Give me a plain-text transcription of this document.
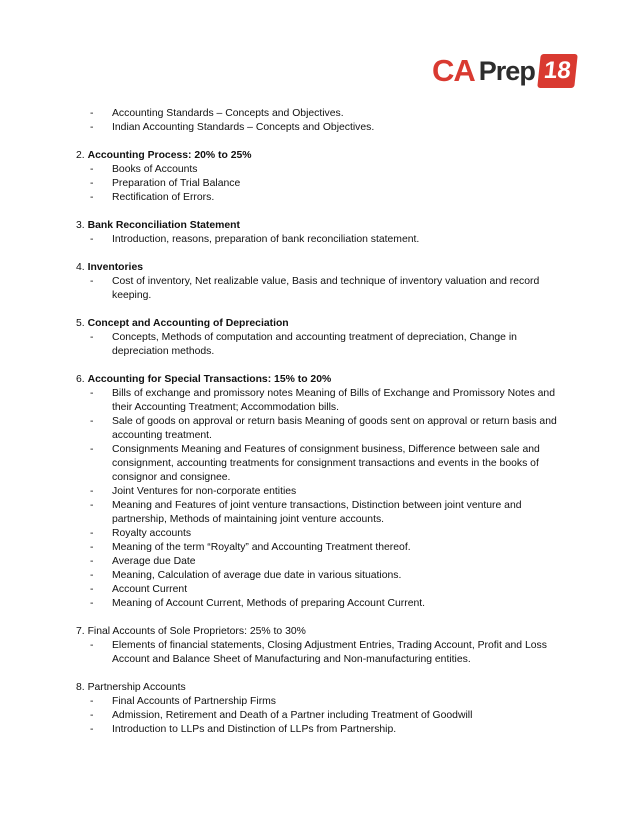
CA Prep 18
- Accounting Standards – Concepts and Objectives.
- Indian Accounting Standards – Concepts and Objectives.

2. Accounting Process: 20% to 25%

- Books of Accounts
- Preparation of Trial Balance
- Rectification of Errors.

3. Bank Reconciliation Statement

- Introduction, reasons, preparation of bank reconciliation statement.

4. Inventories

- Cost of inventory, Net realizable value, Basis and technique of inventory valuation and record keeping.

5. Concept and Accounting of Depreciation

- Concepts, Methods of computation and accounting treatment of depreciation, Change in depreciation methods.

6. Accounting for Special Transactions: 15% to 20%

- Bills of exchange and promissory notes Meaning of Bills of Exchange and Promissory Notes and their Accounting Treatment; Accommodation bills.
- Sale of goods on approval or return basis Meaning of goods sent on approval or return basis and accounting treatment.
- Consignments Meaning and Features of consignment business, Difference between sale and consignment, accounting treatments for consignment transactions and events in the books of consignor and consignee.
- Joint Ventures for non-corporate entities
- Meaning and Features of joint venture transactions, Distinction between joint venture and partnership, Methods of maintaining joint venture accounts.
- Royalty accounts
- Meaning of the term “Royalty” and Accounting Treatment thereof.
- Average due Date
- Meaning, Calculation of average due date in various situations.
- Account Current
- Meaning of Account Current, Methods of preparing Account Current.

7. Final Accounts of Sole Proprietors: 25% to 30%

- Elements of financial statements, Closing Adjustment Entries, Trading Account, Profit and Loss Account and Balance Sheet of Manufacturing and Non-manufacturing entities.

8. Partnership Accounts

- Final Accounts of Partnership Firms
- Admission, Retirement and Death of a Partner including Treatment of Goodwill
- Introduction to LLPs and Distinction of LLPs from Partnership.
